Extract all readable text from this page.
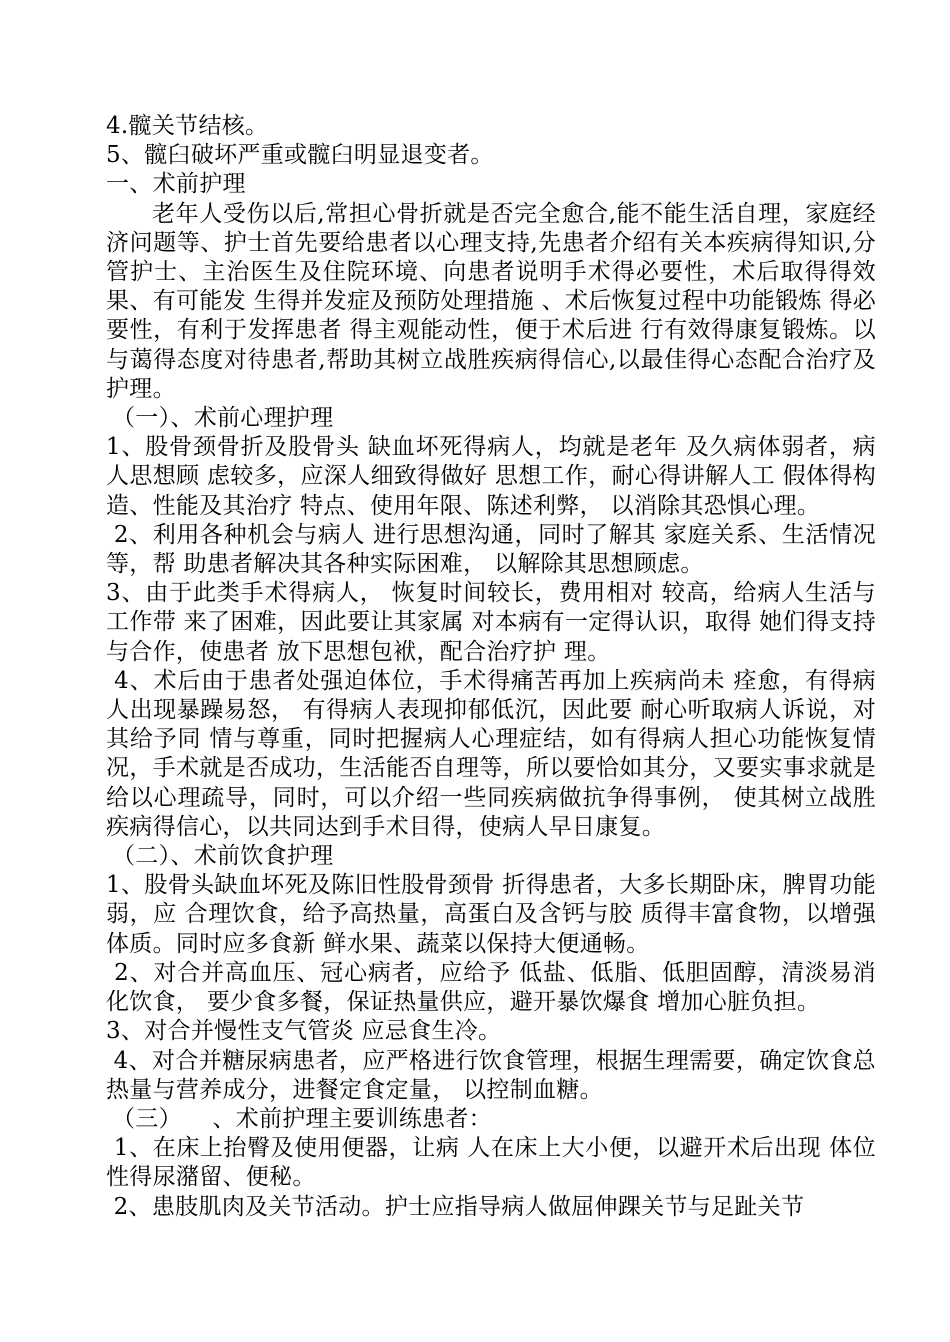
4.髋关节结核。

5、髋臼破坏严重或髋臼明显退变者。

一、术前护理

老年人受伤以后,常担心骨折就是否完全愈合,能不能生活自理，家庭经济问题等、护士首先要给患者以心理支持,先患者介绍有关本疾病得知识,分管护士、主治医生及住院环境、向患者说明手术得必要性，术后取得得效果、有可能发 生得并发症及预防处理措施 、术后恢复过程中功能锻炼 得必要性，有利于发挥患者 得主观能动性，便于术后进 行有效得康复锻炼。以与蔼得态度对待患者,帮助其树立战胜疾病得信心,以最佳得心态配合治疗及护理。

（一）、术前心理护理

1、股骨颈骨折及股骨头 缺血坏死得病人，均就是老年 及久病体弱者，病人思想顾 虑较多，应深人细致得做好 思想工作，耐心得讲解人工 假体得构造、性能及其治疗 特点、使用年限、陈述利弊， 以消除其恐惧心理。

2、利用各种机会与病人 进行思想沟通，同时了解其 家庭关系、生活情况等，帮 助患者解决其各种实际困难， 以解除其思想顾虑。

3、由于此类手术得病人， 恢复时间较长，费用相对 较高，给病人生活与工作带 来了困难，因此要让其家属 对本病有一定得认识，取得 她们得支持与合作，使患者 放下思想包袱，配合治疗护 理。

4、术后由于患者处强迫体位，手术得痛苦再加上疾病尚未 痊愈，有得病人出现暴躁易怒， 有得病人表现抑郁低沉，因此要 耐心听取病人诉说，对其给予同 情与尊重，同时把握病人心理症结，如有得病人担心功能恢复情况，手术就是否成功，生活能否自理等，所以要恰如其分，又要实事求就是给以心理疏导，同时，可以介绍一些同疾病做抗争得事例， 使其树立战胜疾病得信心，以共同达到手术目得，使病人早日康复。

（二）、术前饮食护理

1、股骨头缺血坏死及陈旧性股骨颈骨 折得患者，大多长期卧床，脾胃功能弱，应 合理饮食，给予高热量，高蛋白及含钙与胶 质得丰富食物，以增强体质。同时应多食新 鲜水果、蔬菜以保持大便通畅。

2、对合并高血压、冠心病者，应给予 低盐、低脂、低胆固醇，清淡易消化饮食， 要少食多餐，保证热量供应，避开暴饮爆食 增加心脏负担。

3、对合并慢性支气管炎 应忌食生冷。

4、对合并糖尿病患者，应严格进行饮食管理，根据生理需要，确定饮食总热量与营养成分，进餐定食定量， 以控制血糖。

（三）    、术前护理主要训练患者：

1、在床上抬臀及使用便器，让病 人在床上大小便，以避开术后出现 体位性得尿潴留、便秘。

2、患肢肌肉及关节活动。护士应指导病人做屈伸踝关节与足趾关节
